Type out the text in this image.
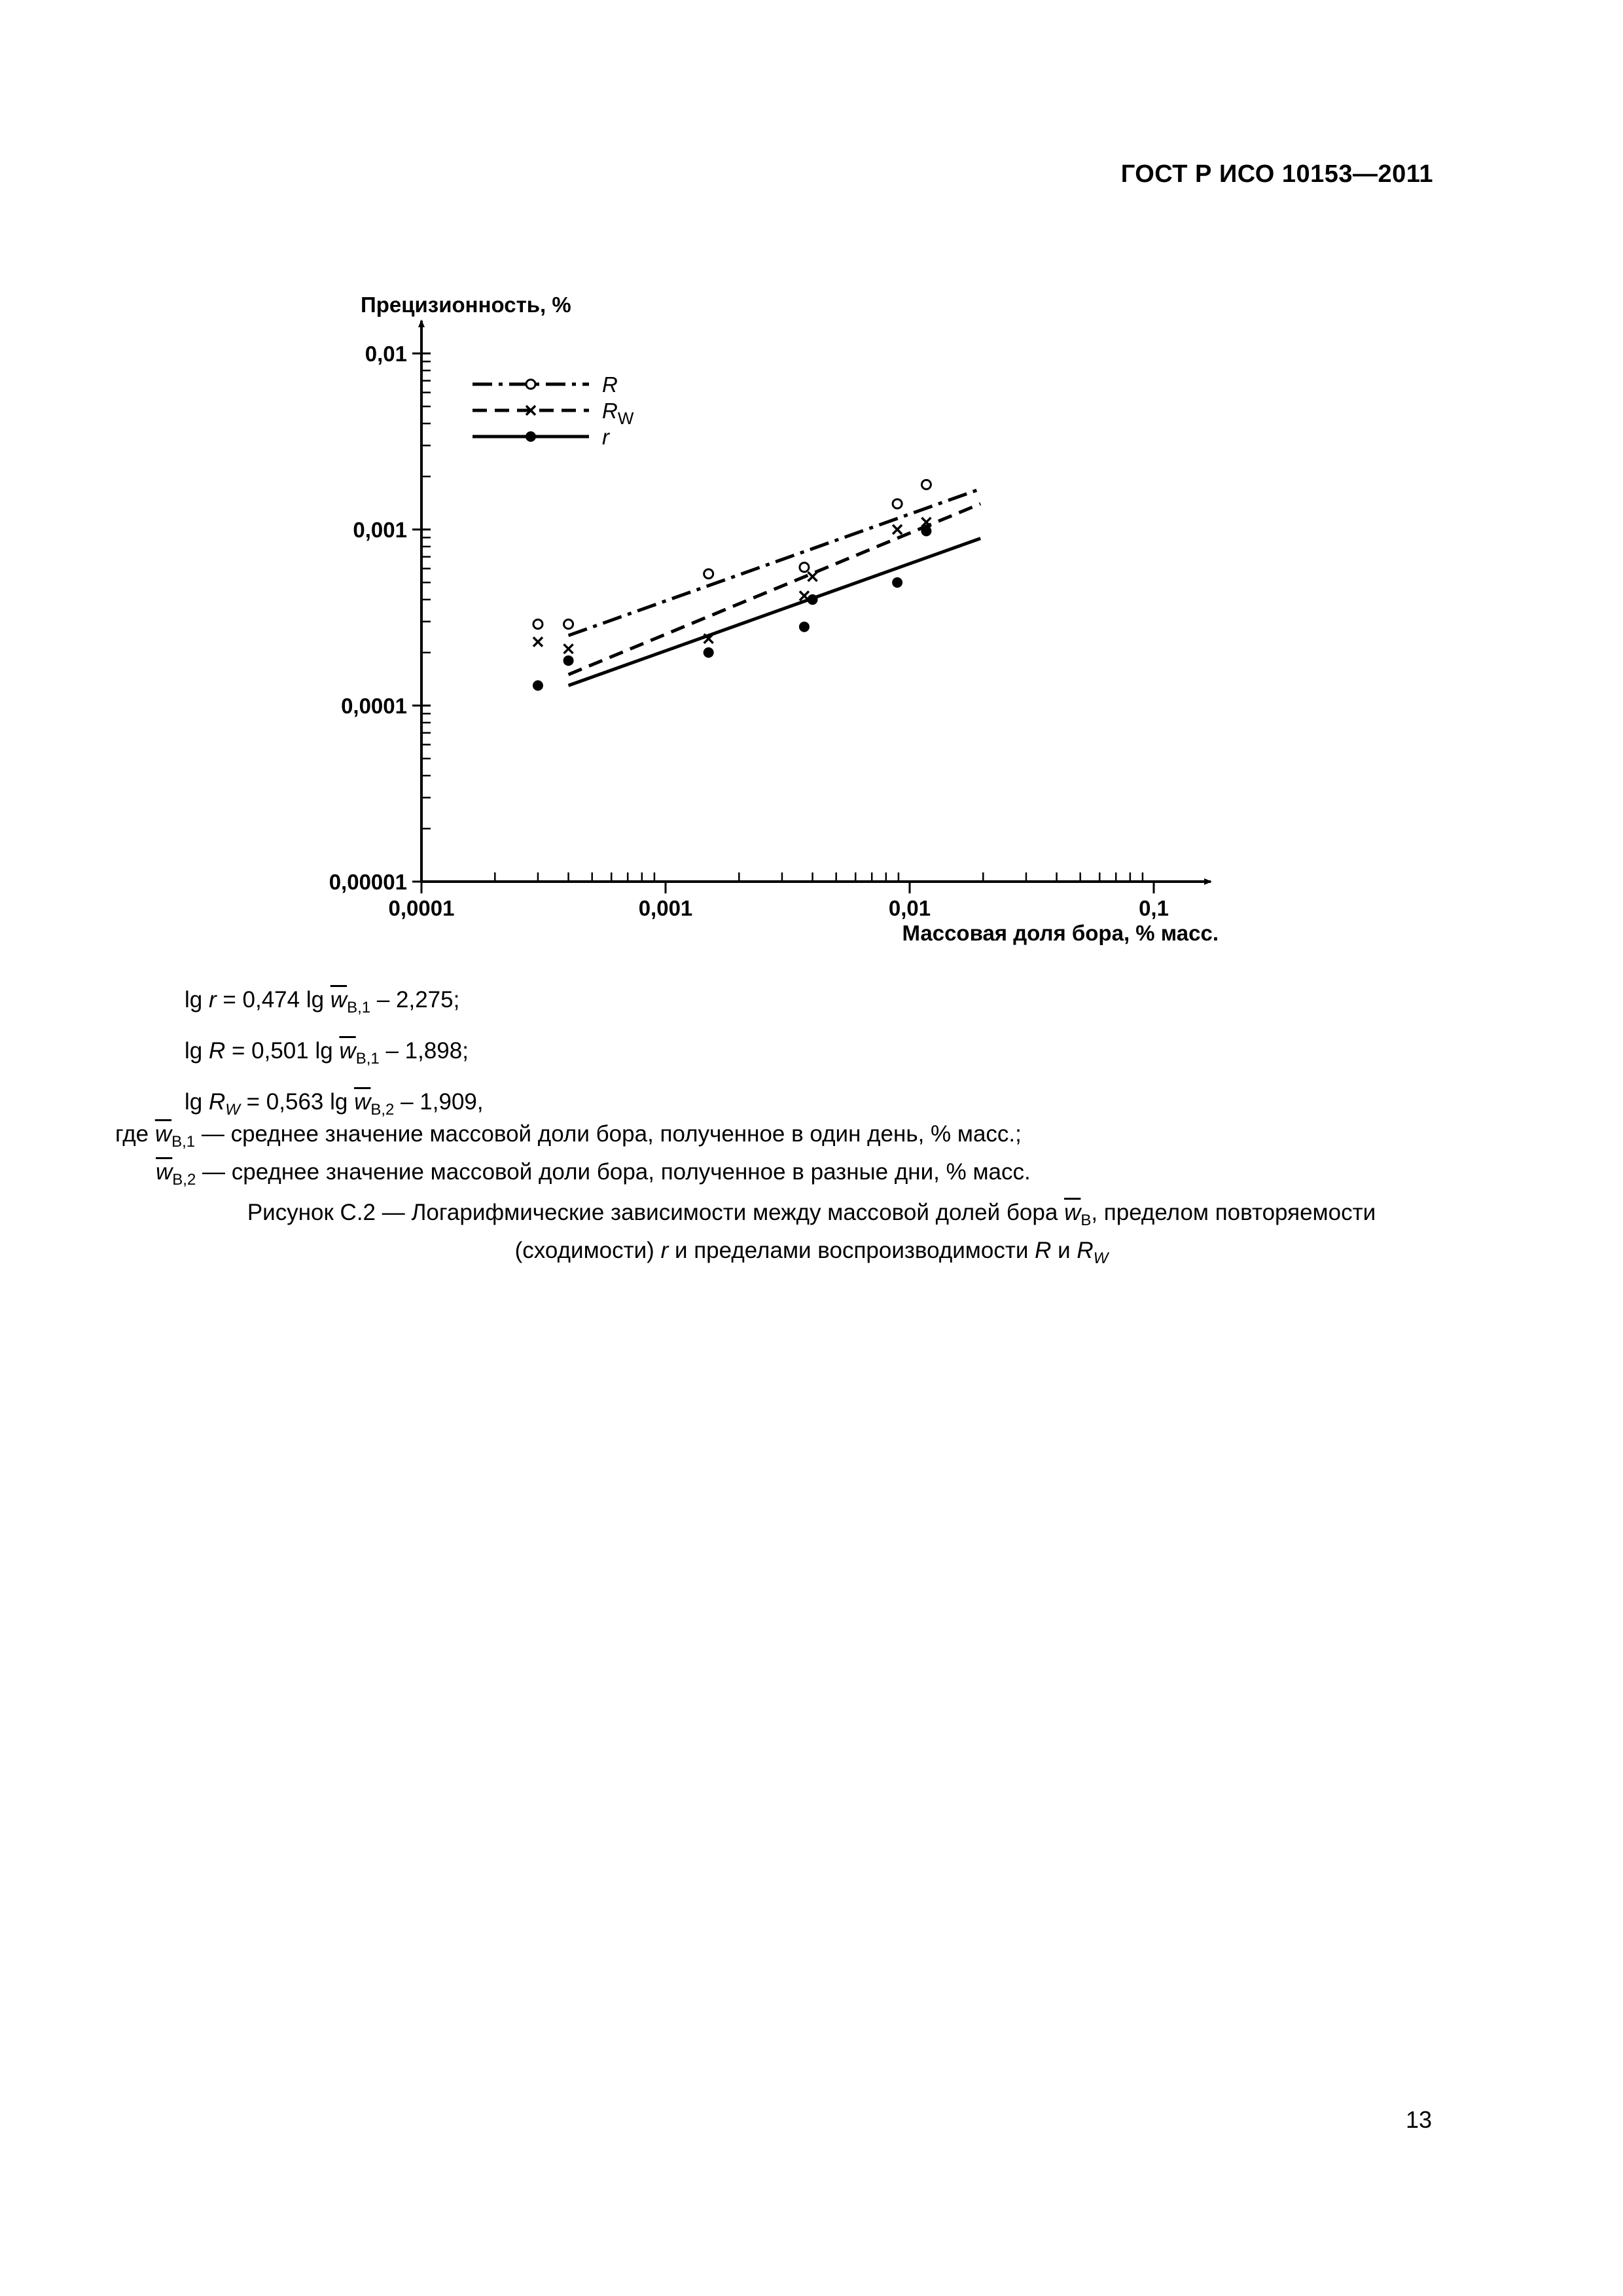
ГОСТ Р ИСО 10153—2011
Прецизионность, %
Массовая доля бора, % масс.
0,00001
0,0001
0,001
0,01
0,0001	0,001	0,01	0,1
R
$R_W$
r
lg r = 0,474 $\lg \overline{w}_{B,1} - 2,275$;
lg R = 0,501 $\lg \overline{w}_{B,1} - 1,898$;
$\lg R_W = 0,563$ $\lg \overline{w}_{B,2} - 1,909$,
где $\overline{w}_{B,1}$ — среднее значение массовой доли бора, полученное в один день, % масс.;
$\overline{w}_{B,2}$ — среднее значение массовой доли бора, полученное в разные дни, % масс.
Рисунок С.2 — Логарифмические зависимости между массовой долей бора $\overline{w}_B$, пределом повторяемости
(сходимости) r и пределами воспроизводимости R и $R_W$
13
